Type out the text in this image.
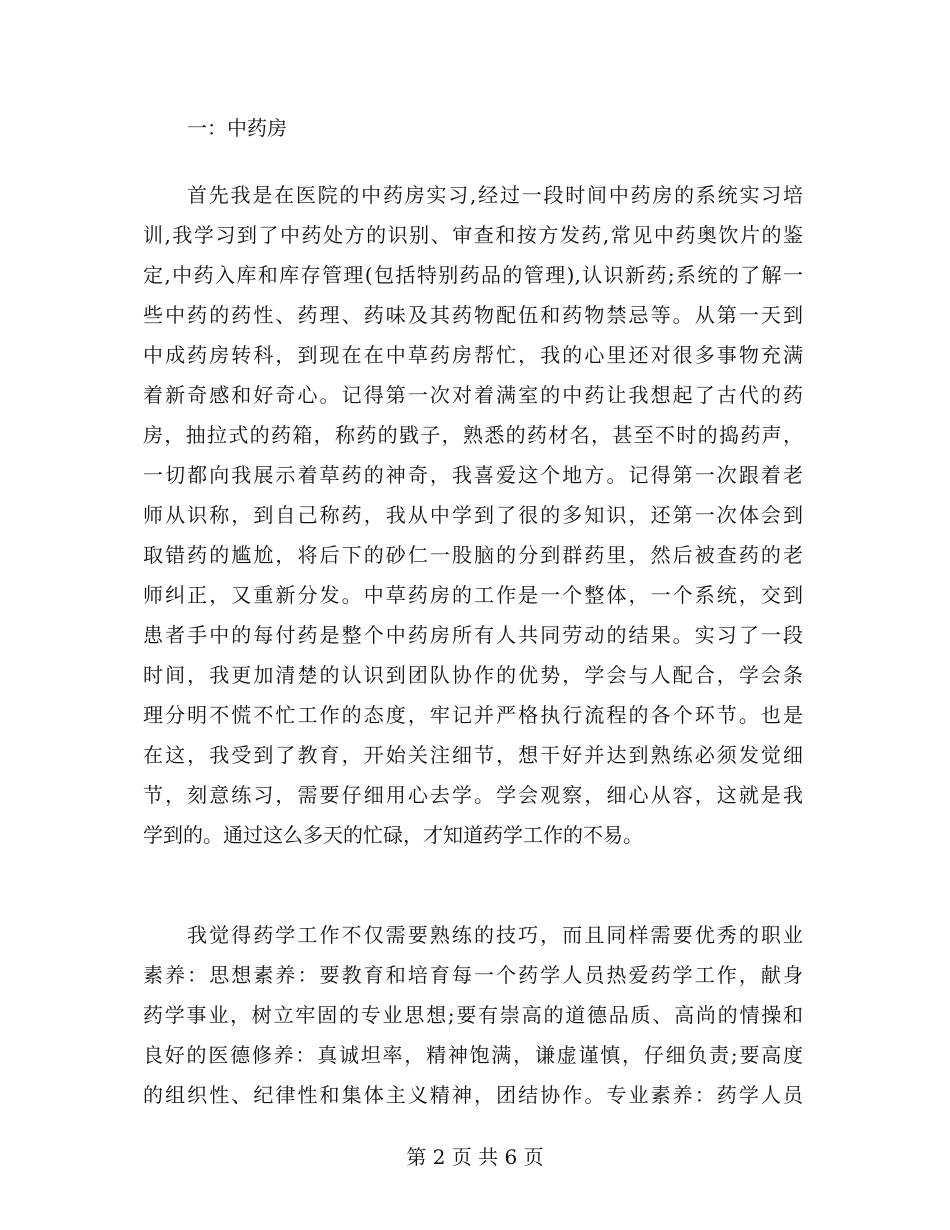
一：中药房
首先我是在医院的中药房实习,经过一段时间中药房的系统实习培
训,我学习到了中药处方的识别、审查和按方发药,常见中药奥饮片的鉴
定,中药入库和库存管理(包括特别药品的管理),认识新药;系统的了解一
些中药的药性、药理、药味及其药物配伍和药物禁忌等。从第一天到
中成药房转科，到现在在中草药房帮忙，我的心里还对很多事物充满
着新奇感和好奇心。记得第一次对着满室的中药让我想起了古代的药
房，抽拉式的药箱，称药的戥子，熟悉的药材名，甚至不时的捣药声，
一切都向我展示着草药的神奇，我喜爱这个地方。记得第一次跟着老
师从识称，到自己称药，我从中学到了很的多知识，还第一次体会到
取错药的尴尬，将后下的砂仁一股脑的分到群药里，然后被查药的老
师纠正，又重新分发。中草药房的工作是一个整体，一个系统，交到
患者手中的每付药是整个中药房所有人共同劳动的结果。实习了一段
时间，我更加清楚的认识到团队协作的优势，学会与人配合，学会条
理分明不慌不忙工作的态度，牢记并严格执行流程的各个环节。也是
在这，我受到了教育，开始关注细节，想干好并达到熟练必须发觉细
节，刻意练习，需要仔细用心去学。学会观察，细心从容，这就是我
学到的。通过这么多天的忙碌，才知道药学工作的不易。
我觉得药学工作不仅需要熟练的技巧，而且同样需要优秀的职业
素养：思想素养：要教育和培育每一个药学人员热爱药学工作，献身
药学事业，树立牢固的专业思想;要有崇高的道德品质、高尚的情操和
良好的医德修养：真诚坦率，精神饱满，谦虚谨慎，仔细负责;要高度
的组织性、纪律性和集体主义精神，团结协作。专业素养：药学人员
第 2 页 共 6 页
